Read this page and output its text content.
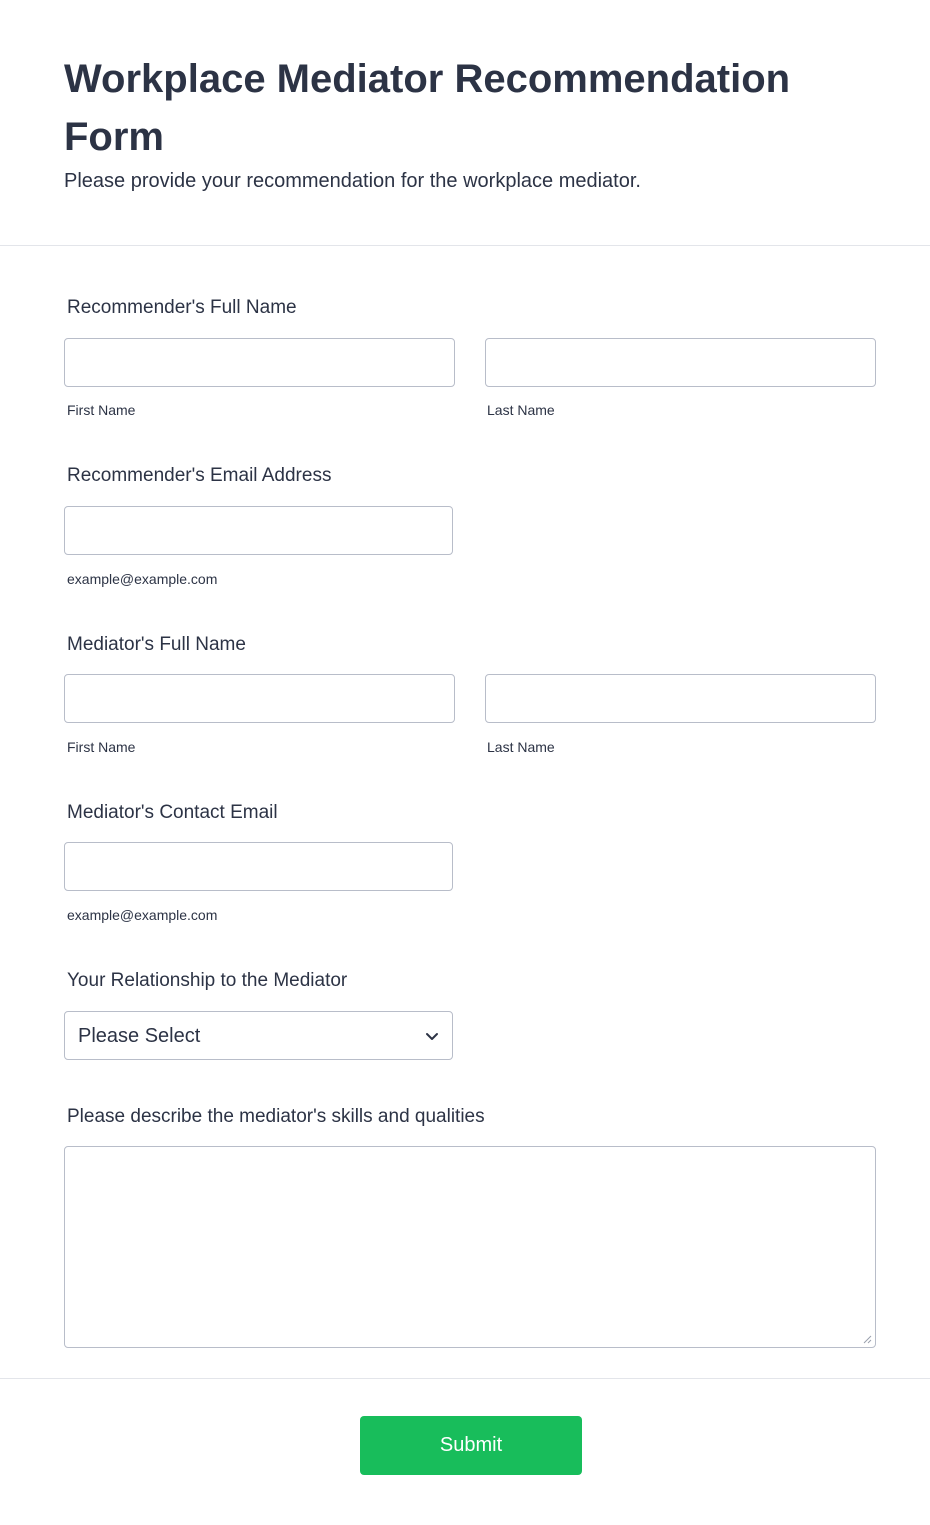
Workplace Mediator Recommendation Form
Please provide your recommendation for the workplace mediator.
Recommender's Full Name
First Name	Last Name
Recommender's Email Address
example@example.com
Mediator's Full Name
First Name	Last Name
Mediator's Contact Email
example@example.com
Your Relationship to the Mediator
Please Select
Please describe the mediator's skills and qualities
Submit
